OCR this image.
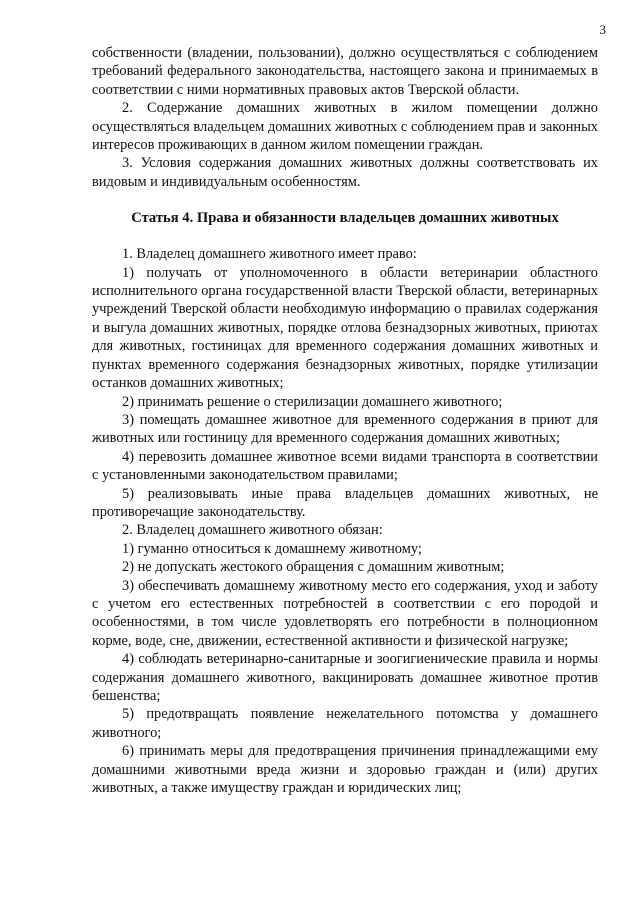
3

собственности (владении, пользовании), должно осуществляться с соблюдением требований федерального законодательства, настоящего закона и принимаемых в соответствии с ними нормативных правовых актов Тверской области.

2. Содержание домашних животных в жилом помещении должно осуществляться владельцем домашних животных с соблюдением прав и законных интересов проживающих в данном жилом помещении граждан.

3. Условия содержания домашних животных должны соответствовать их видовым и индивидуальным особенностям.

Статья 4. Права и обязанности владельцев домашних животных

1. Владелец домашнего животного имеет право:

1) получать от уполномоченного в области ветеринарии областного исполнительного органа государственной власти Тверской области, ветеринарных учреждений Тверской области необходимую информацию о правилах содержания и выгула домашних животных, порядке отлова безнадзорных животных, приютах для животных, гостиницах для временного содержания домашних животных и пунктах временного содержания безнадзорных животных, порядке утилизации останков домашних животных;

2) принимать решение о стерилизации домашнего животного;

3) помещать домашнее животное для временного содержания в приют для животных или гостиницу для временного содержания домашних животных;

4) перевозить домашнее животное всеми видами транспорта в соответствии с установленными законодательством правилами;

5) реализовывать иные права владельцев домашних животных, не противоречащие законодательству.

2. Владелец домашнего животного обязан:

1) гуманно относиться к домашнему животному;

2) не допускать жестокого обращения с домашним животным;

3) обеспечивать домашнему животному место его содержания, уход и заботу с учетом его естественных потребностей в соответствии с его породой и особенностями, в том числе удовлетворять его потребности в полноционном корме, воде, сне, движении, естественной активности и физической нагрузке;

4) соблюдать ветеринарно-санитарные и зоогигиенические правила и нормы содержания домашнего животного, вакцинировать домашнее животное против бешенства;

5) предотвращать появление нежелательного потомства у домашнего животного;

6) принимать меры для предотвращения причинения принадлежащими ему домашними животными вреда жизни и здоровью граждан и (или) других животных, а также имуществу граждан и юридических лиц;
